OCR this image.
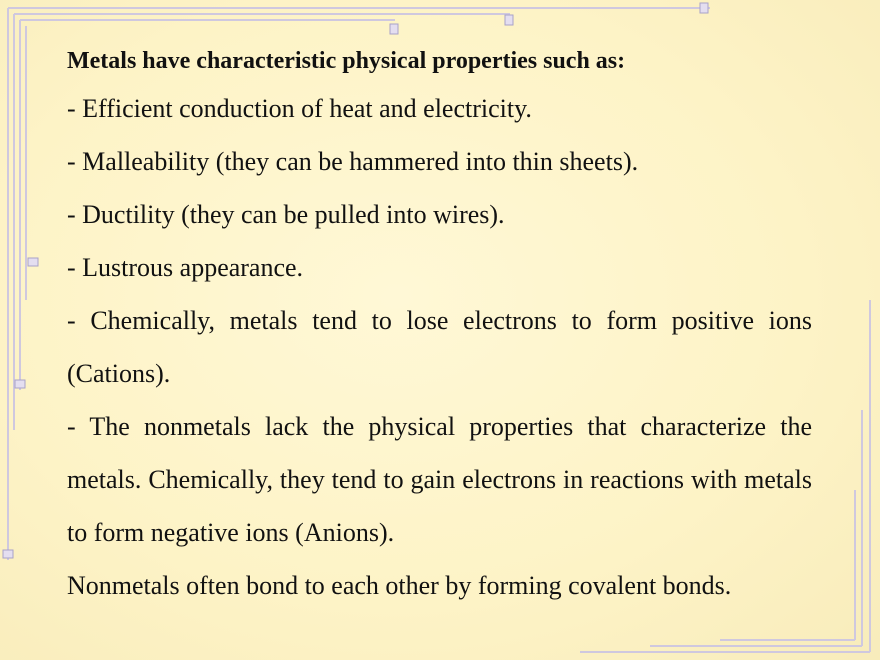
Metals have characteristic physical properties such as:

- Efficient conduction of heat and electricity.

- Malleability (they can be hammered into thin sheets).

- Ductility (they can be pulled into wires).

- Lustrous appearance.

- Chemically, metals tend to lose electrons to form positive ions (Cations).

- The nonmetals lack the physical properties that characterize the metals. Chemically, they tend to gain electrons in reactions with metals to form negative ions (Anions).

Nonmetals often bond to each other by forming covalent bonds.
